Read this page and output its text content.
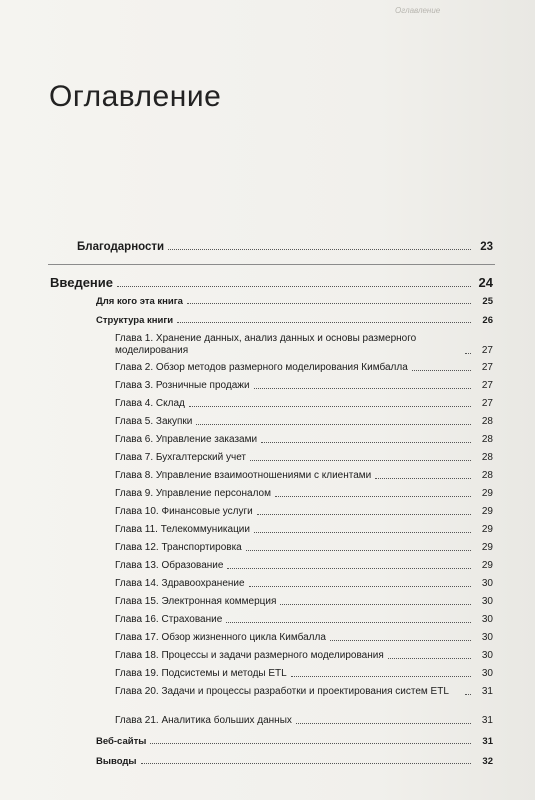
Оглавление
Оглавление
Благодарности	23
Введение	24
Для кого эта книга	25
Структура книги	26
Глава 1. Хранение данных, анализ данных и основы размерного моделирования	27
Глава 2. Обзор методов размерного моделирования Кимбалла	27
Глава 3. Розничные продажи	27
Глава 4. Склад	27
Глава 5. Закупки	28
Глава 6. Управление заказами	28
Глава 7. Бухгалтерский учет	28
Глава 8. Управление взаимоотношениями с клиентами	28
Глава 9. Управление персоналом	29
Глава 10. Финансовые услуги	29
Глава 11. Телекоммуникации	29
Глава 12. Транспортировка	29
Глава 13. Образование	29
Глава 14. Здравоохранение	30
Глава 15. Электронная коммерция	30
Глава 16. Страхование	30
Глава 17. Обзор жизненного цикла Кимбалла	30
Глава 18. Процессы и задачи размерного моделирования	30
Глава 19. Подсистемы и методы ETL	30
Глава 20. Задачи и процессы разработки и проектирования систем ETL	31
Глава 21. Аналитика больших данных	31
Веб-сайты	31
Выводы	32
